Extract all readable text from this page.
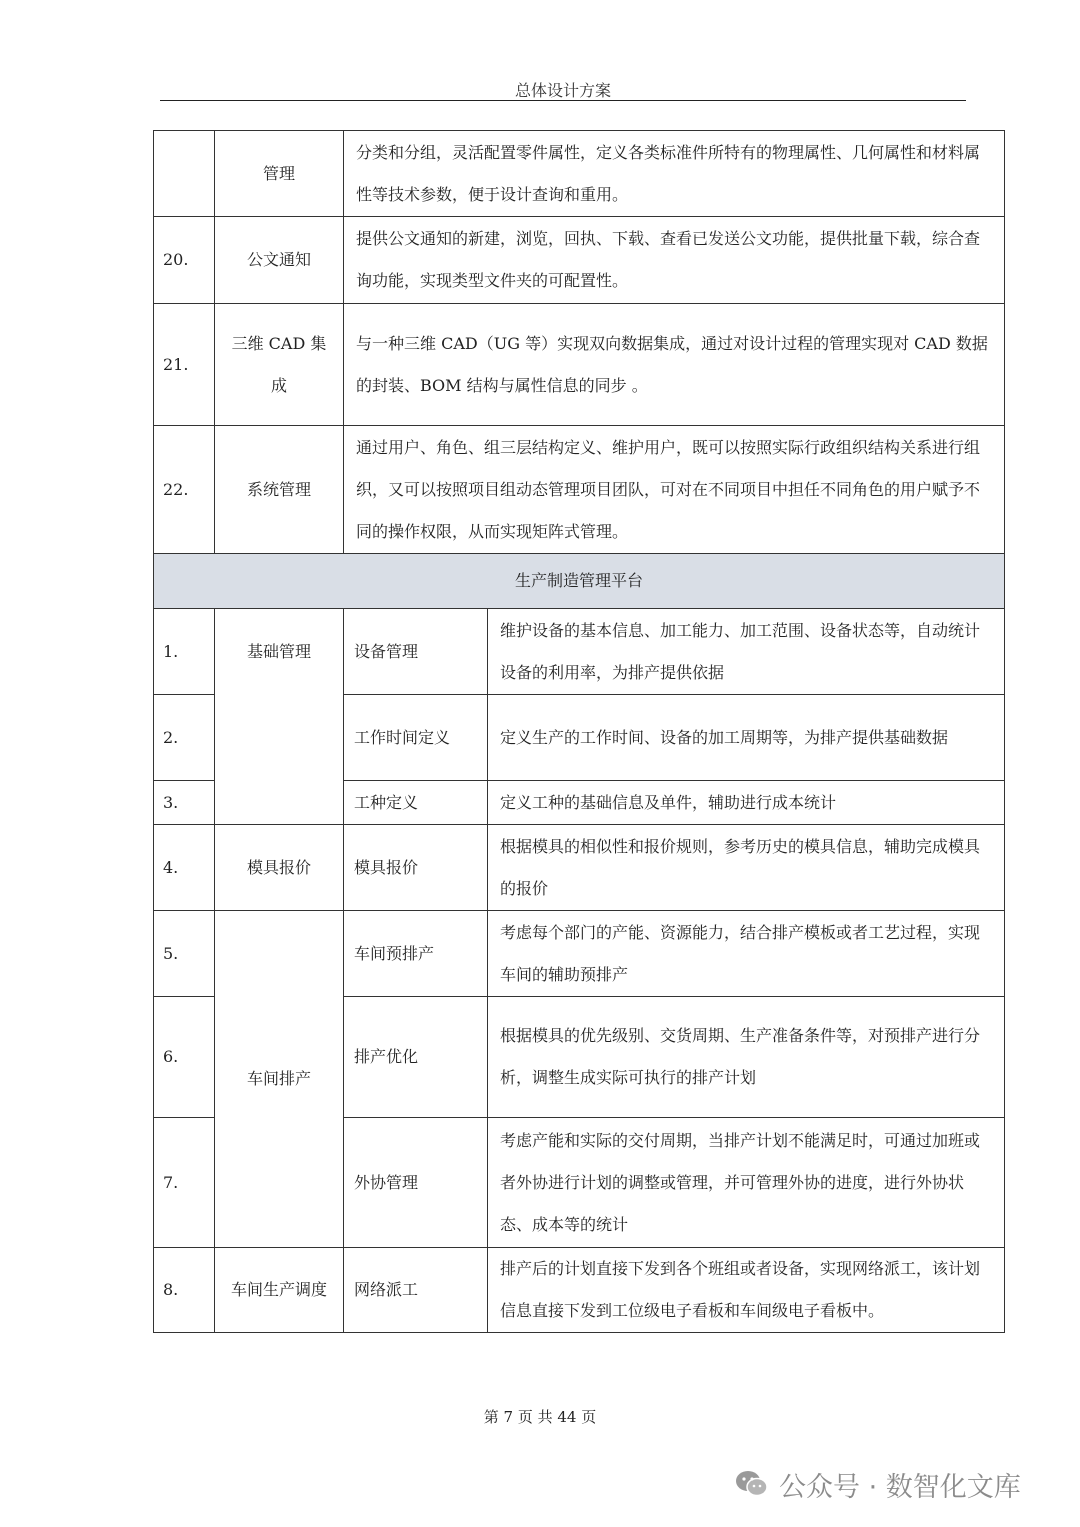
总体设计方案
	管理	分类和分组，灵活配置零件属性，定义各类标准件所特有的物理属性、几何属性和材料属性等技术参数，便于设计查询和重用。	
20.	公文通知	提供公文通知的新建，浏览，回执、下载、查看已发送公文功能，提供批量下载，综合查询功能，实现类型文件夹的可配置性。	
21.	三维 CAD 集成	与一种三维 CAD（UG 等）实现双向数据集成，通过对设计过程的管理实现对 CAD 数据的封装、BOM 结构与属性信息的同步 。	
22.	系统管理	通过用户、角色、组三层结构定义、维护用户，既可以按照实际行政组织结构关系进行组织，又可以按照项目组动态管理项目团队，可对在不同项目中担任不同角色的用户赋予不同的操作权限，从而实现矩阵式管理。	
生产制造管理平台			
1.	基础管理	设备管理	维护设备的基本信息、加工能力、加工范围、设备状态等，自动统计设备的利用率，为排产提供依据
2.		工作时间定义	定义生产的工作时间、设备的加工周期等，为排产提供基础数据
3.		工种定义	定义工种的基础信息及单件，辅助进行成本统计
4.	模具报价	模具报价	根据模具的相似性和报价规则，参考历史的模具信息，辅助完成模具的报价
5.	车间排产	车间预排产	考虑每个部门的产能、资源能力，结合排产模板或者工艺过程，实现车间的辅助预排产
6.		排产优化	根据模具的优先级别、交货周期、生产准备条件等，对预排产进行分析，调整生成实际可执行的排产计划
7.		外协管理	考虑产能和实际的交付周期，当排产计划不能满足时，可通过加班或者外协进行计划的调整或管理，并可管理外协的进度，进行外协状态、成本等的统计
8.	车间生产调度	网络派工	排产后的计划直接下发到各个班组或者设备，实现网络派工，该计划信息直接下发到工位级电子看板和车间级电子看板中。
第 7 页 共 44 页
公众号 · 数智化文库
